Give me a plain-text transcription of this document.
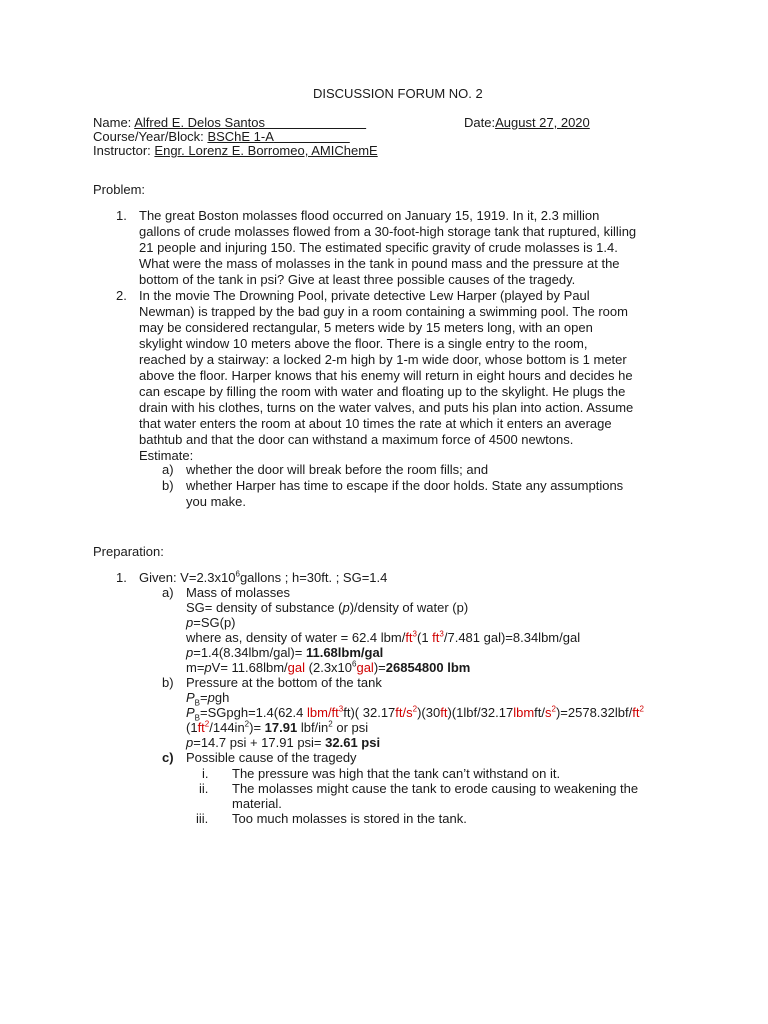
DISCUSSION FORUM NO. 2
Name: Alfred E. Delos Santos	Date:August 27, 2020
Course/Year/Block: BSChE 1-A
Instructor: Engr. Lorenz E. Borromeo, AMIChemE
Problem:
1. The great Boston molasses flood occurred on January 15, 1919. In it, 2.3 million
gallons of crude molasses flowed from a 30-foot-high storage tank that ruptured, killing
21 people and injuring 150. The estimated specific gravity of crude molasses is 1.4.
What were the mass of molasses in the tank in pound mass and the pressure at the
bottom of the tank in psi? Give at least three possible causes of the tragedy.
2. In the movie The Drowning Pool, private detective Lew Harper (played by Paul
Newman) is trapped by the bad guy in a room containing a swimming pool. The room
may be considered rectangular, 5 meters wide by 15 meters long, with an open
skylight window 10 meters above the floor. There is a single entry to the room,
reached by a stairway: a locked 2-m high by 1-m wide door, whose bottom is 1 meter
above the floor. Harper knows that his enemy will return in eight hours and decides he
can escape by filling the room with water and floating up to the skylight. He plugs the
drain with his clothes, turns on the water valves, and puts his plan into action. Assume
that water enters the room at about 10 times the rate at which it enters an average
bathtub and that the door can withstand a maximum force of 4500 newtons.
Estimate:
a) whether the door will break before the room fills; and
b) whether Harper has time to escape if the door holds. State any assumptions
you make.
Preparation:
1. Given: $V=2.3x10^6gallons$ ; h=30ft. ; SG=1.4
a) Mass of molasses
SG= density of substance (p)/density of water (p)
p=SG(p)
where as, density of water = 62.4 lbm/$ft^3(1$ $ft^3/7.481$ gal)=8.34lbm/gal
p=1.4(8.34lbm/gal)= 11.68lbm/gal
m=pV= 11.68lbm/gal $(2.3x10^6gal)=26854800$ lbm
b) Pressure at the bottom of the tank
$P_B=pgh$
$P_B=SGpgh=1.4(62.4$ lbm/$ft^3ft$)( $32.17ft/s^2)(30ft)(1lbf/32.17lbmft/s^2)=2578.32lbf/ft^2$
$(1ft^2/144in^2)= 17.91$ lbf/$in^2$ or psi
p=14.7 psi + 17.91 psi= 32.61 psi
c) Possible cause of the tragedy
i. The pressure was high that the tank can’t withstand on it.
ii. The molasses might cause the tank to erode causing to weakening the
material.
iii. Too much molasses is stored in the tank.
